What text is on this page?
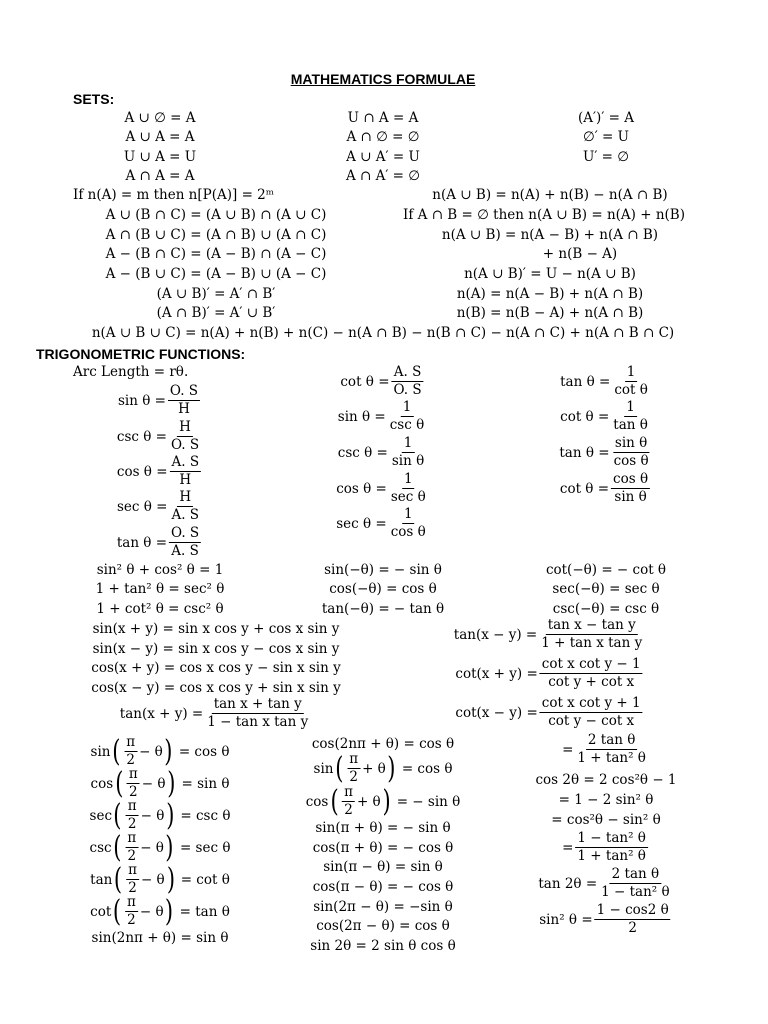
MATHEMATICS FORMULAE
SETS:
A ∪ ∅ = A
A ∪ A = A
U ∪ A = U
A ∩ A = A
U ∩ A = A
A ∩ ∅ = ∅
A ∪ A′ = U
A ∩ A′ = ∅
(A′)′ = A
∅′ = U
U′ = ∅
If n(A) = m then n[P(A)] = 2ᵐ
A ∪ (B ∩ C) = (A ∪ B) ∩ (A ∪ C)
A ∩ (B ∪ C) = (A ∩ B) ∪ (A ∩ C)
A − (B ∩ C) = (A − B) ∩ (A − C)
A − (B ∪ C) = (A − B) ∪ (A − C)
(A ∪ B)′ = A′ ∩ B′
(A ∩ B)′ = A′ ∪ B′
n(A ∪ B) = n(A) + n(B) − n(A ∩ B)
If A ∩ B = ∅ then n(A ∪ B) = n(A) + n(B)
n(A ∪ B) = n(A − B) + n(A ∩ B)
+ n(B − A)
n(A ∪ B)′ = U − n(A ∪ B)
n(A) = n(A − B) + n(A ∩ B)
n(B) = n(B − A) + n(A ∩ B)
n(A ∪ B ∪ C) = n(A) + n(B) + n(C) − n(A ∩ B) − n(B ∩ C) − n(A ∩ C) + n(A ∩ B ∩ C)
TRIGONOMETRIC FUNCTIONS:
Arc Length = rθ.
$\sin \theta = \frac{O. S}{H}$
$\csc \theta = \frac{H}{O. S}$
$\cos \theta = \frac{A. S}{H}$
$\sec \theta = \frac{H}{A. S}$
$\tan \theta = \frac{O. S}{A. S}$
$\cot \theta = \frac{A. S}{O. S}$
$\sin \theta = \frac{1}{\text{csc θ}}$
$\csc \theta = \frac{1}{\text{sin θ}}$
$\cos \theta = \frac{1}{\text{sec θ}}$
$\sec \theta = \frac{1}{\text{cos θ}}$
$\tan \theta = \frac{1}{\text{cot θ}}$
$\cot \theta = \frac{1}{\text{tan θ}}$
$\tan \theta = \frac{\text{sin θ}}{\text{cos θ}}$
$\cot \theta = \frac{\text{cos θ}}{\text{sin θ}}$
sin² θ + cos² θ = 1
1 + tan² θ = sec² θ
1 + cot² θ = csc² θ
sin(−θ) = − sin θ
cos(−θ) = cos θ
tan(−θ) = − tan θ
cot(−θ) = − cot θ
sec(−θ) = sec θ
csc(−θ) = csc θ
sin(x + y) = sin x cos y + cos x sin y
sin(x − y) = sin x cos y − cos x sin y
cos(x + y) = cos x cos y − sin x sin y
cos(x − y) = cos x cos y + sin x sin y
$\tan(x + y) = \frac{\text{tan x + tan y}}{\text{1 − tan x tan y}}$
$\tan(x - y) = \frac{\text{tan x − tan y}}{\text{1 + tan x tan y}}$
$\cot(x + y) = \frac{\text{cot x cot y − 1}}{\text{cot y + cot x}}$
$\cot(x - y) = \frac{\text{cot x cot y + 1}}{\text{cot y − cot x}}$
sin ( $\frac{\pi}{2} - \theta$ )
= cos θ
cos ( $\frac{\pi}{2} - \theta$ )
= sin θ
sec ( $\frac{\pi}{2} - \theta$ )
= csc θ
csc ( $\frac{\pi}{2} - \theta$ )
= sec θ
tan ( $\frac{\pi}{2} - \theta$ )
= cot θ
cot ( $\frac{\pi}{2} - \theta$ )
= tan θ
sin(2nπ + θ) = sin θ
cos(2nπ + θ) = cos θ
sin ( $\frac{\pi}{2} + \theta$ )
= cos θ
cos ( $\frac{\pi}{2} + \theta$ )
= − sin θ
sin(π + θ) = − sin θ
cos(π + θ) = − cos θ
sin(π − θ) = sin θ
cos(π − θ) = − cos θ
sin(2π − θ) = −sin θ
cos(2π − θ) = cos θ
sin 2θ = 2 sin θ cos θ
= $\frac{\text{2 tan θ}}{\text{1 + tan² θ}}$
cos 2θ = 2 cos²θ − 1
= 1 − 2 sin² θ
= cos²θ − sin² θ
= $\frac{\text{1 − tan² θ}}{\text{1 + tan² θ}}$
$\tan 2\theta = \frac{\text{2 tan θ}}{\text{1 − tan² θ}}$
sin² $\theta = \frac{1 - \cos 2 \theta}{2}$
